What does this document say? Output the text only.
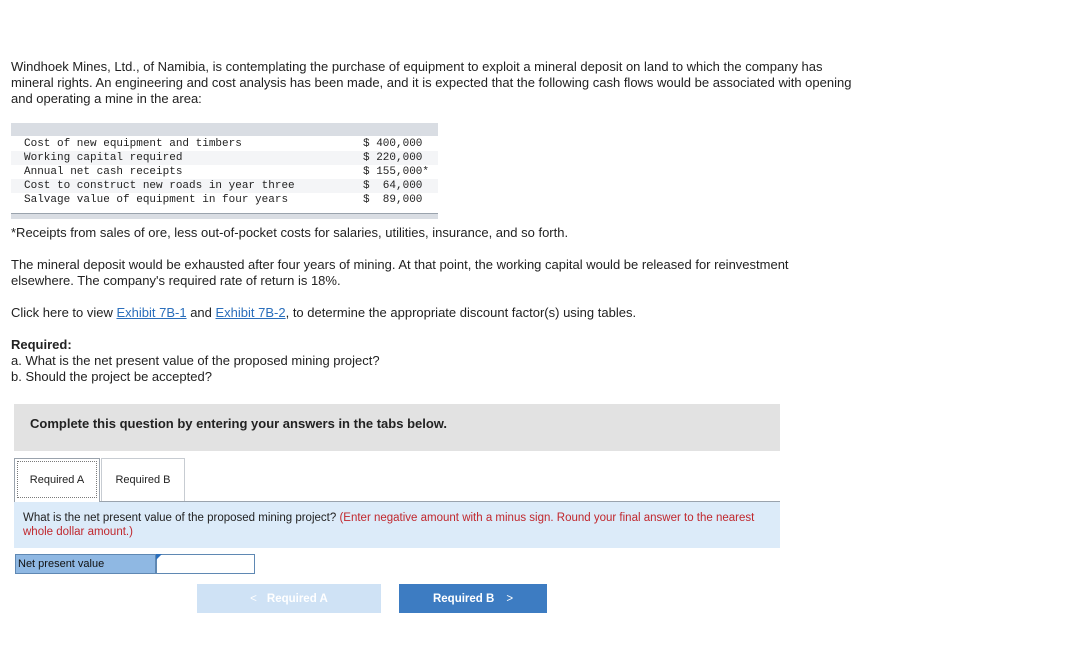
Windhoek Mines, Ltd., of Namibia, is contemplating the purchase of equipment to exploit a mineral deposit on land to which the company has mineral rights. An engineering and cost analysis has been made, and it is expected that the following cash flows would be associated with opening and operating a mine in the area:

Cost of new equipment and timbers	$ 400,000
Working capital required	$ 220,000
Annual net cash receipts	$ 155,000*
Cost to construct new roads in year three	$  64,000
Salvage value of equipment in four years	$  89,000

*Receipts from sales of ore, less out-of-pocket costs for salaries, utilities, insurance, and so forth.

The mineral deposit would be exhausted after four years of mining. At that point, the working capital would be released for reinvestment elsewhere. The company's required rate of return is 18%.

Click here to view Exhibit 7B-1 and Exhibit 7B-2, to determine the appropriate discount factor(s) using tables.

Required:
a. What is the net present value of the proposed mining project?
b. Should the project be accepted?
Complete this question by entering your answers in the tabs below.
Required A	Required B
What is the net present value of the proposed mining project? (Enter negative amount with a minus sign. Round your final answer to the nearest whole dollar amount.)
Net present value
< Required A	Required B >
